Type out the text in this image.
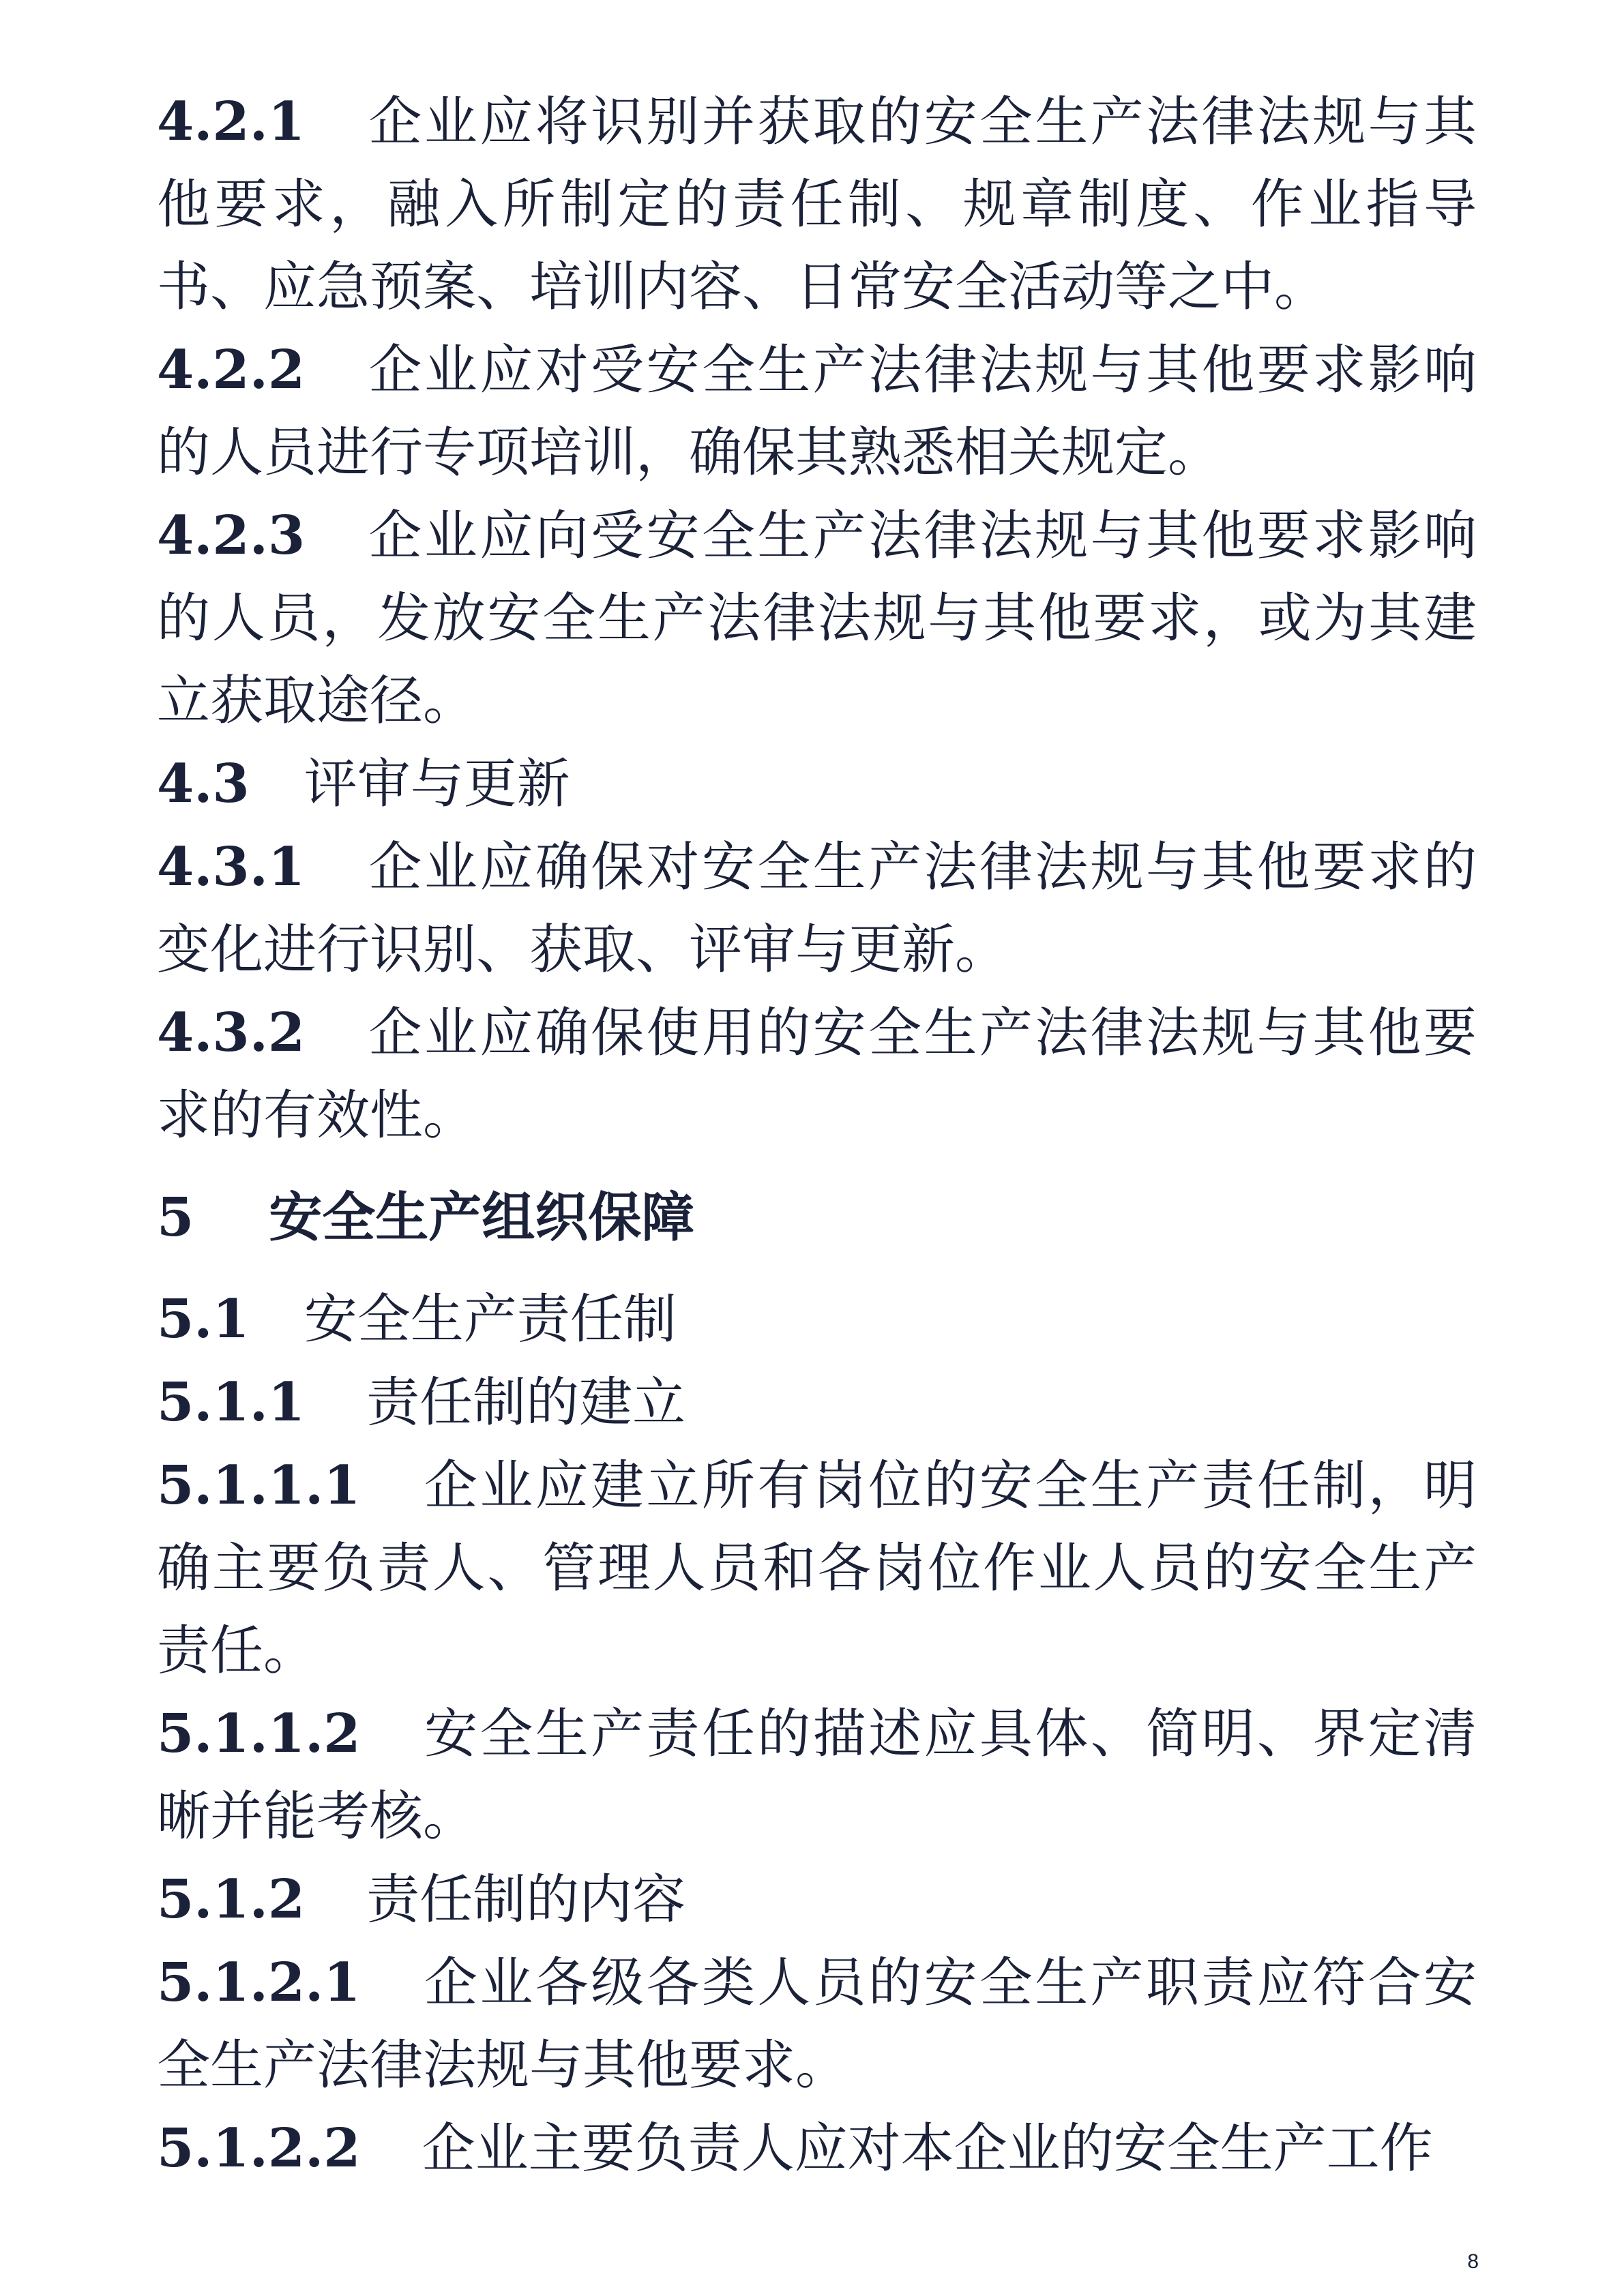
4.2.1 企业应将识别并获取的安全生产法律法规与其他要求，融入所制定的责任制、规章制度、作业指导书、应急预案、培训内容、日常安全活动等之中。

4.2.2 企业应对受安全生产法律法规与其他要求影响的人员进行专项培训，确保其熟悉相关规定。

4.2.3 企业应向受安全生产法律法规与其他要求影响的人员，发放安全生产法律法规与其他要求，或为其建立获取途径。

4.3 评审与更新

4.3.1 企业应确保对安全生产法律法规与其他要求的变化进行识别、获取、评审与更新。

4.3.2 企业应确保使用的安全生产法律法规与其他要求的有效性。

5 安全生产组织保障

5.1 安全生产责任制

5.1.1 责任制的建立

5.1.1.1 企业应建立所有岗位的安全生产责任制，明确主要负责人、管理人员和各岗位作业人员的安全生产责任。

5.1.1.2 安全生产责任的描述应具体、简明、界定清晰并能考核。

5.1.2 责任制的内容

5.1.2.1 企业各级各类人员的安全生产职责应符合安全生产法律法规与其他要求。

5.1.2.2 企业主要负责人应对本企业的安全生产工作

8
